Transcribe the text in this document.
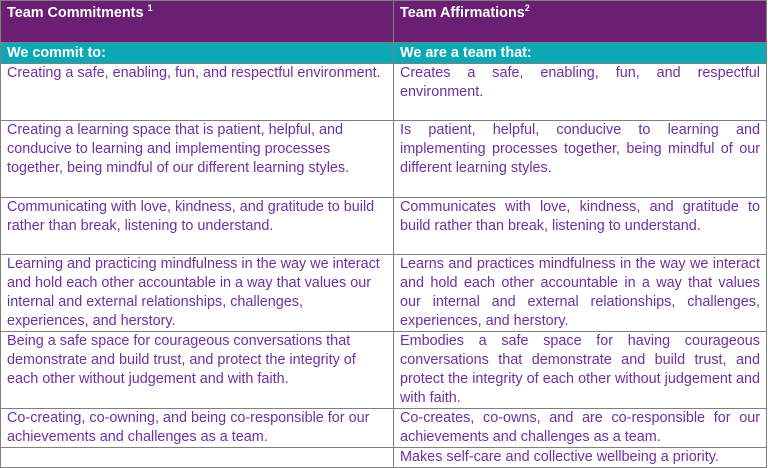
Team Commitments $^1$	Team Affirmations$^2$
We commit to:	We are a team that:
Creating a safe, enabling, fun, and respectful environment.	Creates a safe, enabling, fun, and respectful environment.
Creating a learning space that is patient, helpful, and conducive to learning and implementing processes together, being mindful of our different learning styles.	Is patient, helpful, conducive to learning and implementing processes together, being mindful of our different learning styles.
Communicating with love, kindness, and gratitude to build rather than break, listening to understand.	Communicates with love, kindness, and gratitude to build rather than break, listening to understand.
Learning and practicing mindfulness in the way we interact and hold each other accountable in a way that values our internal and external relationships, challenges, experiences, and herstory.	Learns and practices mindfulness in the way we interact and hold each other accountable in a way that values our internal and external relationships, challenges, experiences, and herstory.
Being a safe space for courageous conversations that demonstrate and build trust, and protect the integrity of each other without judgement and with faith.	Embodies a safe space for having courageous conversations that demonstrate and build trust, and protect the integrity of each other without judgement and with faith.
Co-creating, co-owning, and being co-responsible for our achievements and challenges as a team.	Co-creates, co-owns, and are co-responsible for our achievements and challenges as a team.
	Makes self-care and collective wellbeing a priority.
